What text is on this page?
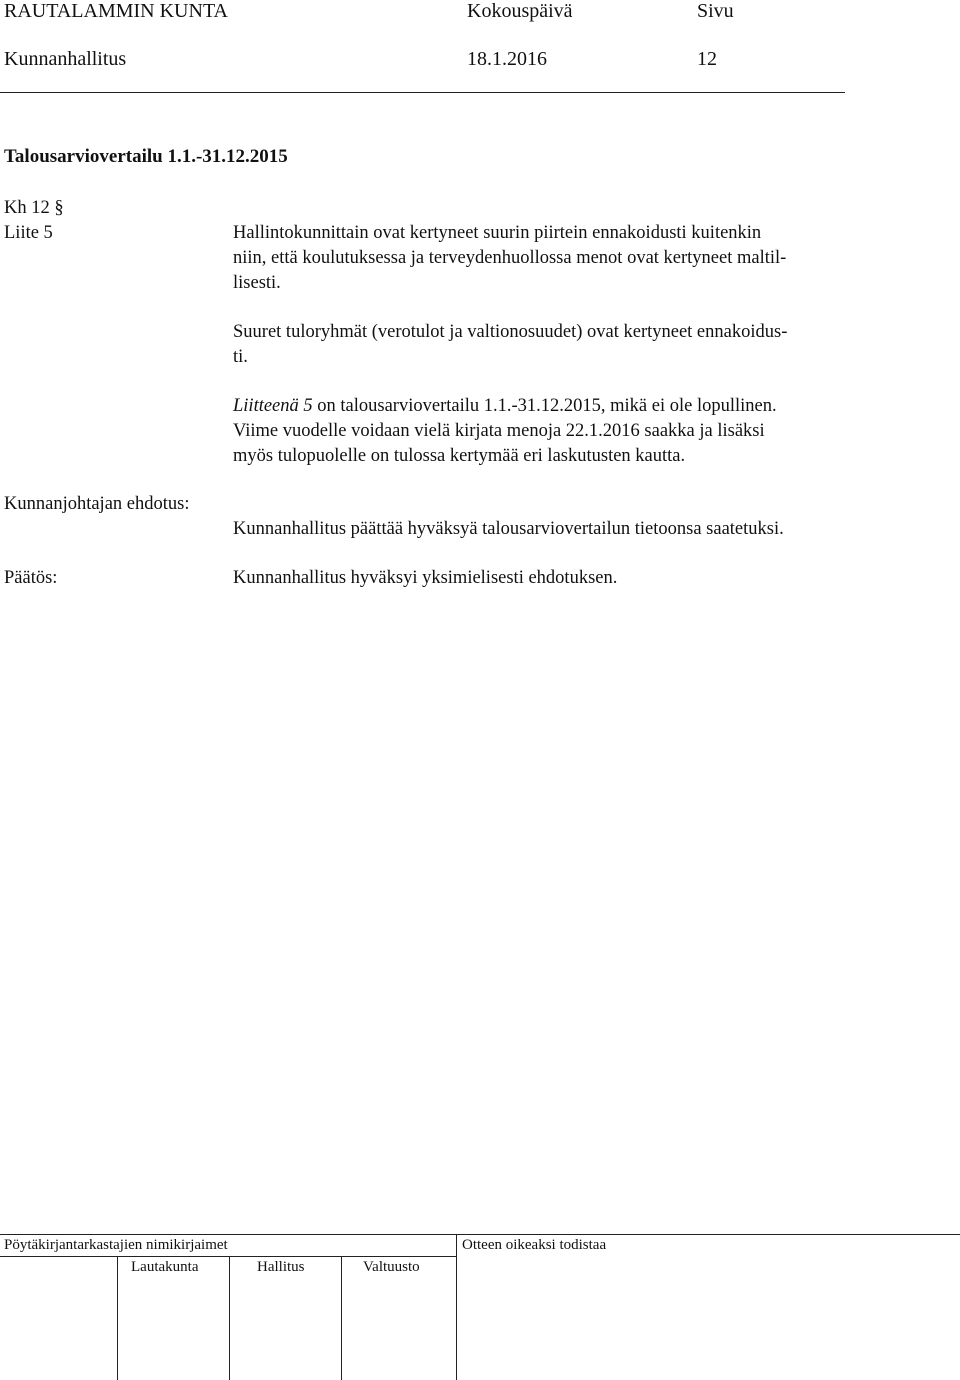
RAUTALAMMIN KUNTA	Kokouspäivä	Sivu
Kunnanhallitus	18.1.2016	12
Talousarviovertailu 1.1.-31.12.2015
Kh 12 §
Liite 5	Hallintokunnittain ovat kertyneet suurin piirtein ennakoidusti kuitenkin
niin, että koulutuksessa ja terveydenhuollossa menot ovat kertyneet maltil-
lisesti.
Suuret tuloryhmät (verotulot ja valtionosuudet) ovat kertyneet ennakoidus-
ti.
Liitteenä 5 on talousarviovertailu 1.1.-31.12.2015, mikä ei ole lopullinen.
Viime vuodelle voidaan vielä kirjata menoja 22.1.2016 saakka ja lisäksi
myös tulopuolelle on tulossa kertymää eri laskutusten kautta.
Kunnanjohtajan ehdotus:
Kunnanhallitus päättää hyväksyä talousarviovertailun tietoonsa saatetuksi.
Päätös:	Kunnanhallitus hyväksyi yksimielisesti ehdotuksen.
Pöytäkirjantarkastajien nimikirjaimet	Otteen oikeaksi todistaa
Lautakunta	Hallitus	Valtuusto
